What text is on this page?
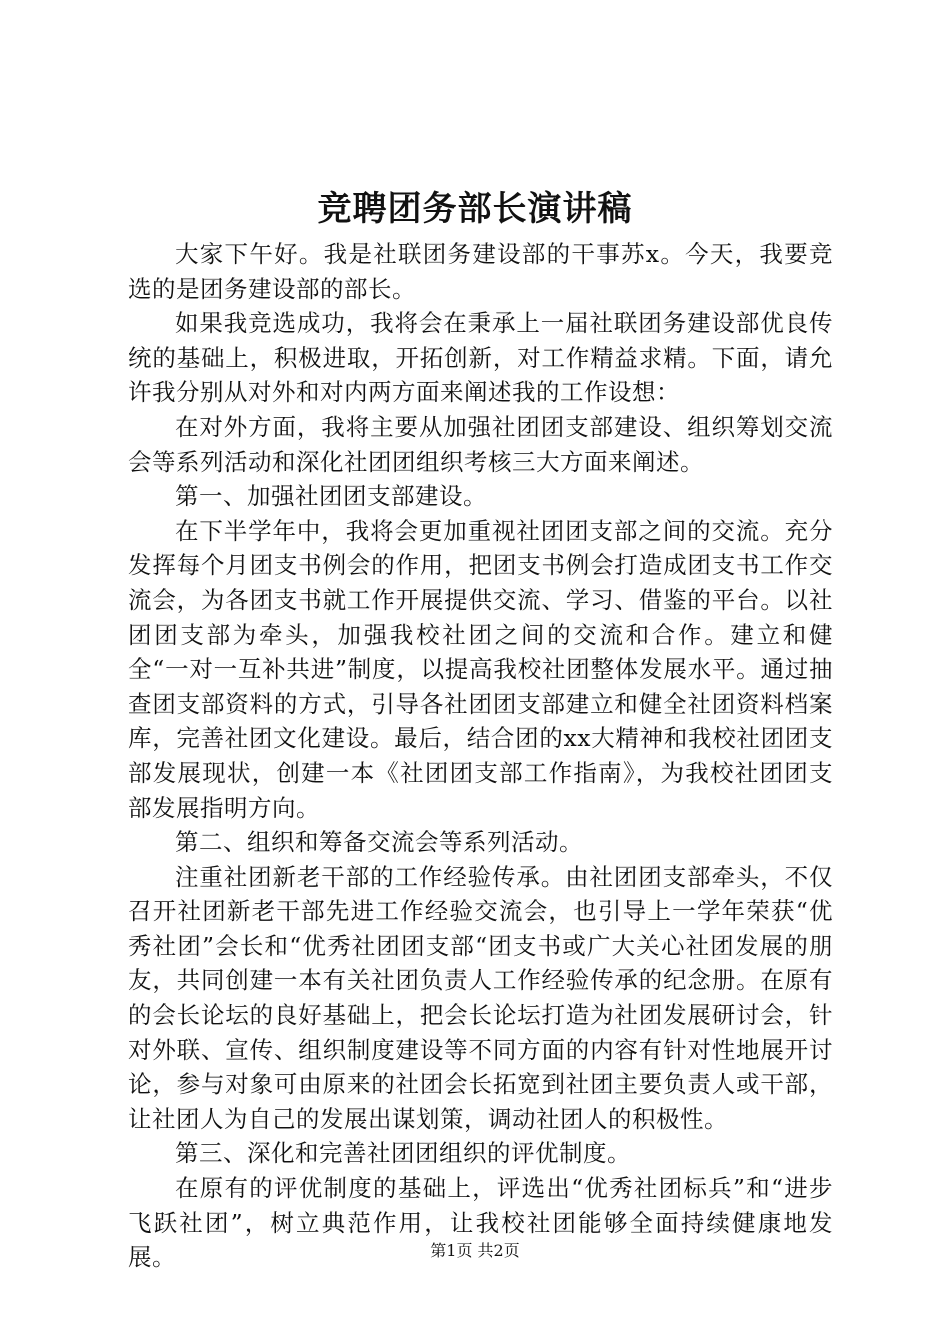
竞聘团务部长演讲稿

大家下午好。我是社联团务建设部的干事苏x。今天，我要竞选的是团务建设部的部长。

如果我竞选成功，我将会在秉承上一届社联团务建设部优良传统的基础上，积极进取，开拓创新，对工作精益求精。下面，请允许我分别从对外和对内两方面来阐述我的工作设想：

在对外方面，我将主要从加强社团团支部建设、组织筹划交流会等系列活动和深化社团团组织考核三大方面来阐述。

第一、加强社团团支部建设。

在下半学年中，我将会更加重视社团团支部之间的交流。充分发挥每个月团支书例会的作用，把团支书例会打造成团支书工作交流会，为各团支书就工作开展提供交流、学习、借鉴的平台。以社团团支部为牵头，加强我校社团之间的交流和合作。建立和健全“一对一互补共进”制度，以提高我校社团整体发展水平。通过抽查团支部资料的方式，引导各社团团支部建立和健全社团资料档案库，完善社团文化建设。最后，结合团的xx大精神和我校社团团支部发展现状，创建一本《社团团支部工作指南》，为我校社团团支部发展指明方向。

第二、组织和筹备交流会等系列活动。

注重社团新老干部的工作经验传承。由社团团支部牵头，不仅召开社团新老干部先进工作经验交流会，也引导上一学年荣获“优秀社团”会长和“优秀社团团支部“团支书或广大关心社团发展的朋友，共同创建一本有关社团负责人工作经验传承的纪念册。在原有的会长论坛的良好基础上，把会长论坛打造为社团发展研讨会，针对外联、宣传、组织制度建设等不同方面的内容有针对性地展开讨论，参与对象可由原来的社团会长拓宽到社团主要负责人或干部，让社团人为自己的发展出谋划策，调动社团人的积极性。

第三、深化和完善社团团组织的评优制度。

在原有的评优制度的基础上，评选出“优秀社团标兵”和“进步飞跃社团”，树立典范作用，让我校社团能够全面持续健康地发展。	第1页 共2页
